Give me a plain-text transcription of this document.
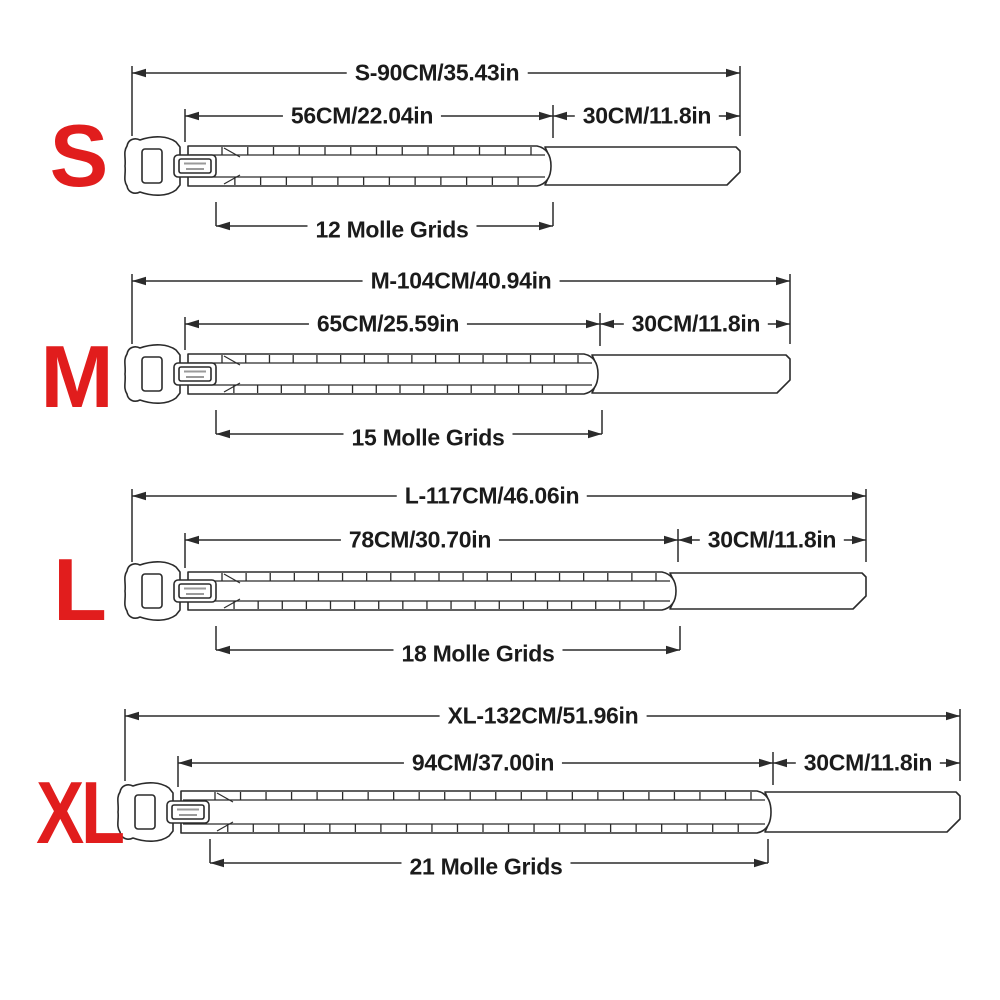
S
M
L
XL
S-90CM/35.43in
56CM/22.04in	30CM/11.8in
12 Molle Grids
M-104CM/40.94in
65CM/25.59in	30CM/11.8in
15 Molle Grids
L-117CM/46.06in
78CM/30.70in	30CM/11.8in
18 Molle Grids
XL-132CM/51.96in
94CM/37.00in	30CM/11.8in
21 Molle Grids
